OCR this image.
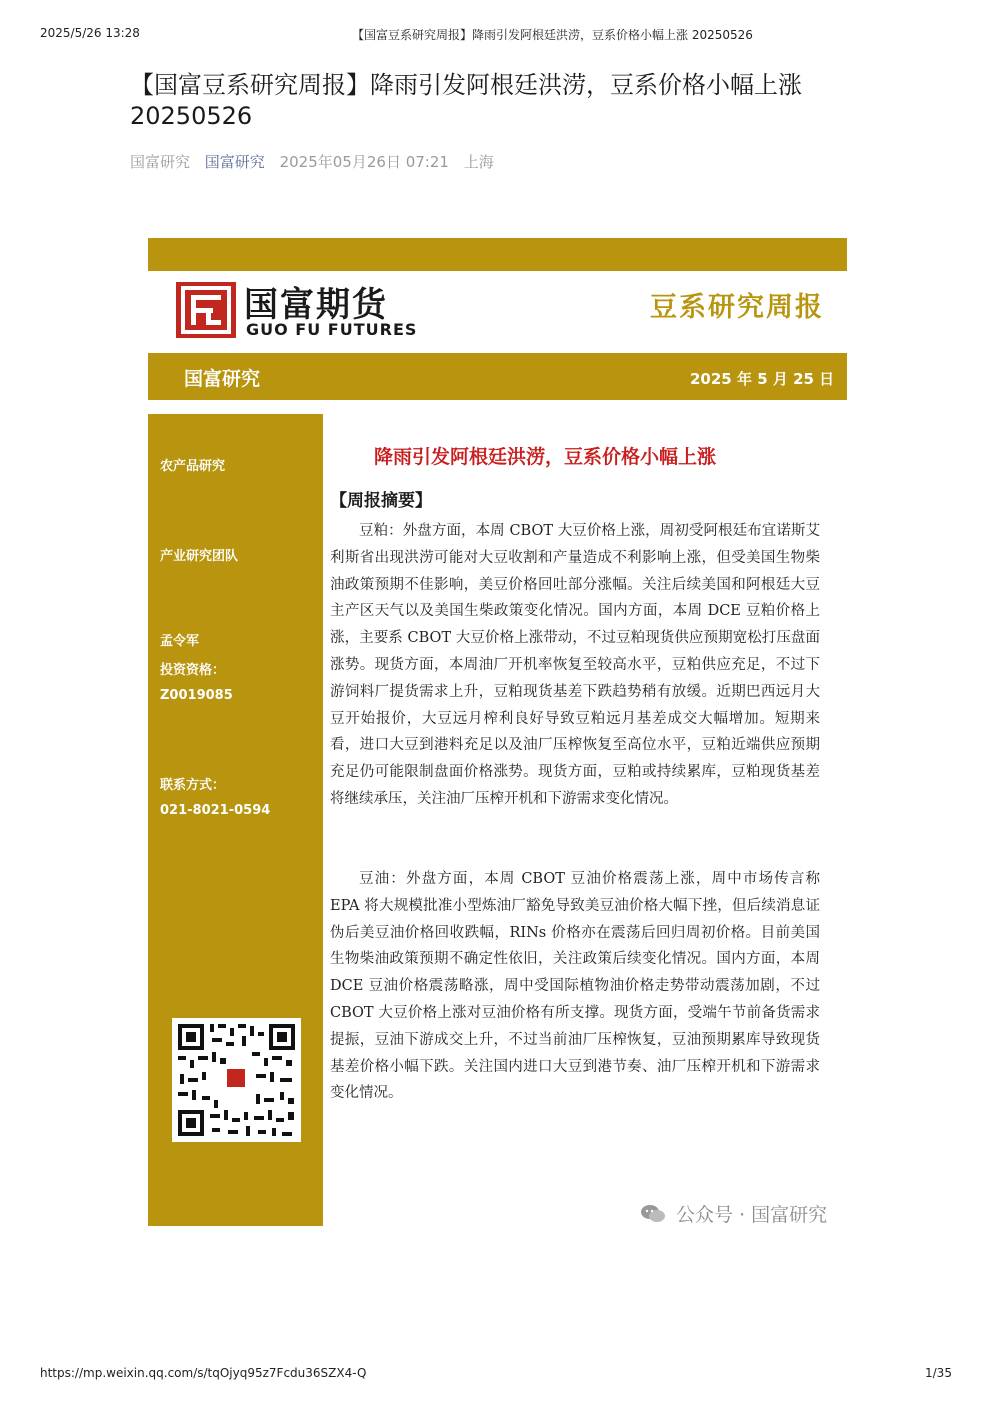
2025/5/26 13:28	【国富豆系研究周报】降雨引发阿根廷洪涝，豆系价格小幅上涨 20250526
【国富豆系研究周报】降雨引发阿根廷洪涝，豆系价格小幅上涨 20250526
国富研究 国富研究 2025年05月26日 07:21 上海
国富期货
GUO FU FUTURES
豆系研究周报
国富研究	2025 年 5 月 25 日
农产品研究
产业研究团队
孟令军
投资资格：
Z0019085
联系方式：
021-8021-0594
降雨引发阿根廷洪涝，豆系价格小幅上涨
【周报摘要】

豆粕：外盘方面，本周 CBOT 大豆价格上涨，周初受阿根廷布宜诺斯艾利斯省出现洪涝可能对大豆收割和产量造成不利影响上涨，但受美国生物柴油政策预期不佳影响，美豆价格回吐部分涨幅。关注后续美国和阿根廷大豆主产区天气以及美国生柴政策变化情况。国内方面，本周 DCE 豆粕价格上涨，主要系 CBOT 大豆价格上涨带动，不过豆粕现货供应预期宽松打压盘面涨势。现货方面，本周油厂开机率恢复至较高水平，豆粕供应充足，不过下游饲料厂提货需求上升，豆粕现货基差下跌趋势稍有放缓。近期巴西远月大豆开始报价，大豆远月榨利良好导致豆粕远月基差成交大幅增加。短期来看，进口大豆到港料充足以及油厂压榨恢复至高位水平，豆粕近端供应预期充足仍可能限制盘面价格涨势。现货方面，豆粕或持续累库，豆粕现货基差将继续承压，关注油厂压榨开机和下游需求变化情况。

豆油：外盘方面，本周 CBOT 豆油价格震荡上涨，周中市场传言称 EPA 将大规模批准小型炼油厂豁免导致美豆油价格大幅下挫，但后续消息证伪后美豆油价格回收跌幅，RINs 价格亦在震荡后回归周初价格。目前美国生物柴油政策预期不确定性依旧，关注政策后续变化情况。国内方面，本周 DCE 豆油价格震荡略涨，周中受国际植物油价格走势带动震荡加剧，不过 CBOT 大豆价格上涨对豆油价格有所支撑。现货方面，受端午节前备货需求提振，豆油下游成交上升，不过当前油厂压榨恢复，豆油预期累库导致现货基差价格小幅下跌。关注国内进口大豆到港节奏、油厂压榨开机和下游需求变化情况。

公众号 · 国富研究
https://mp.weixin.qq.com/s/tqOjyq95z7Fcdu36SZX4-Q	1/35
